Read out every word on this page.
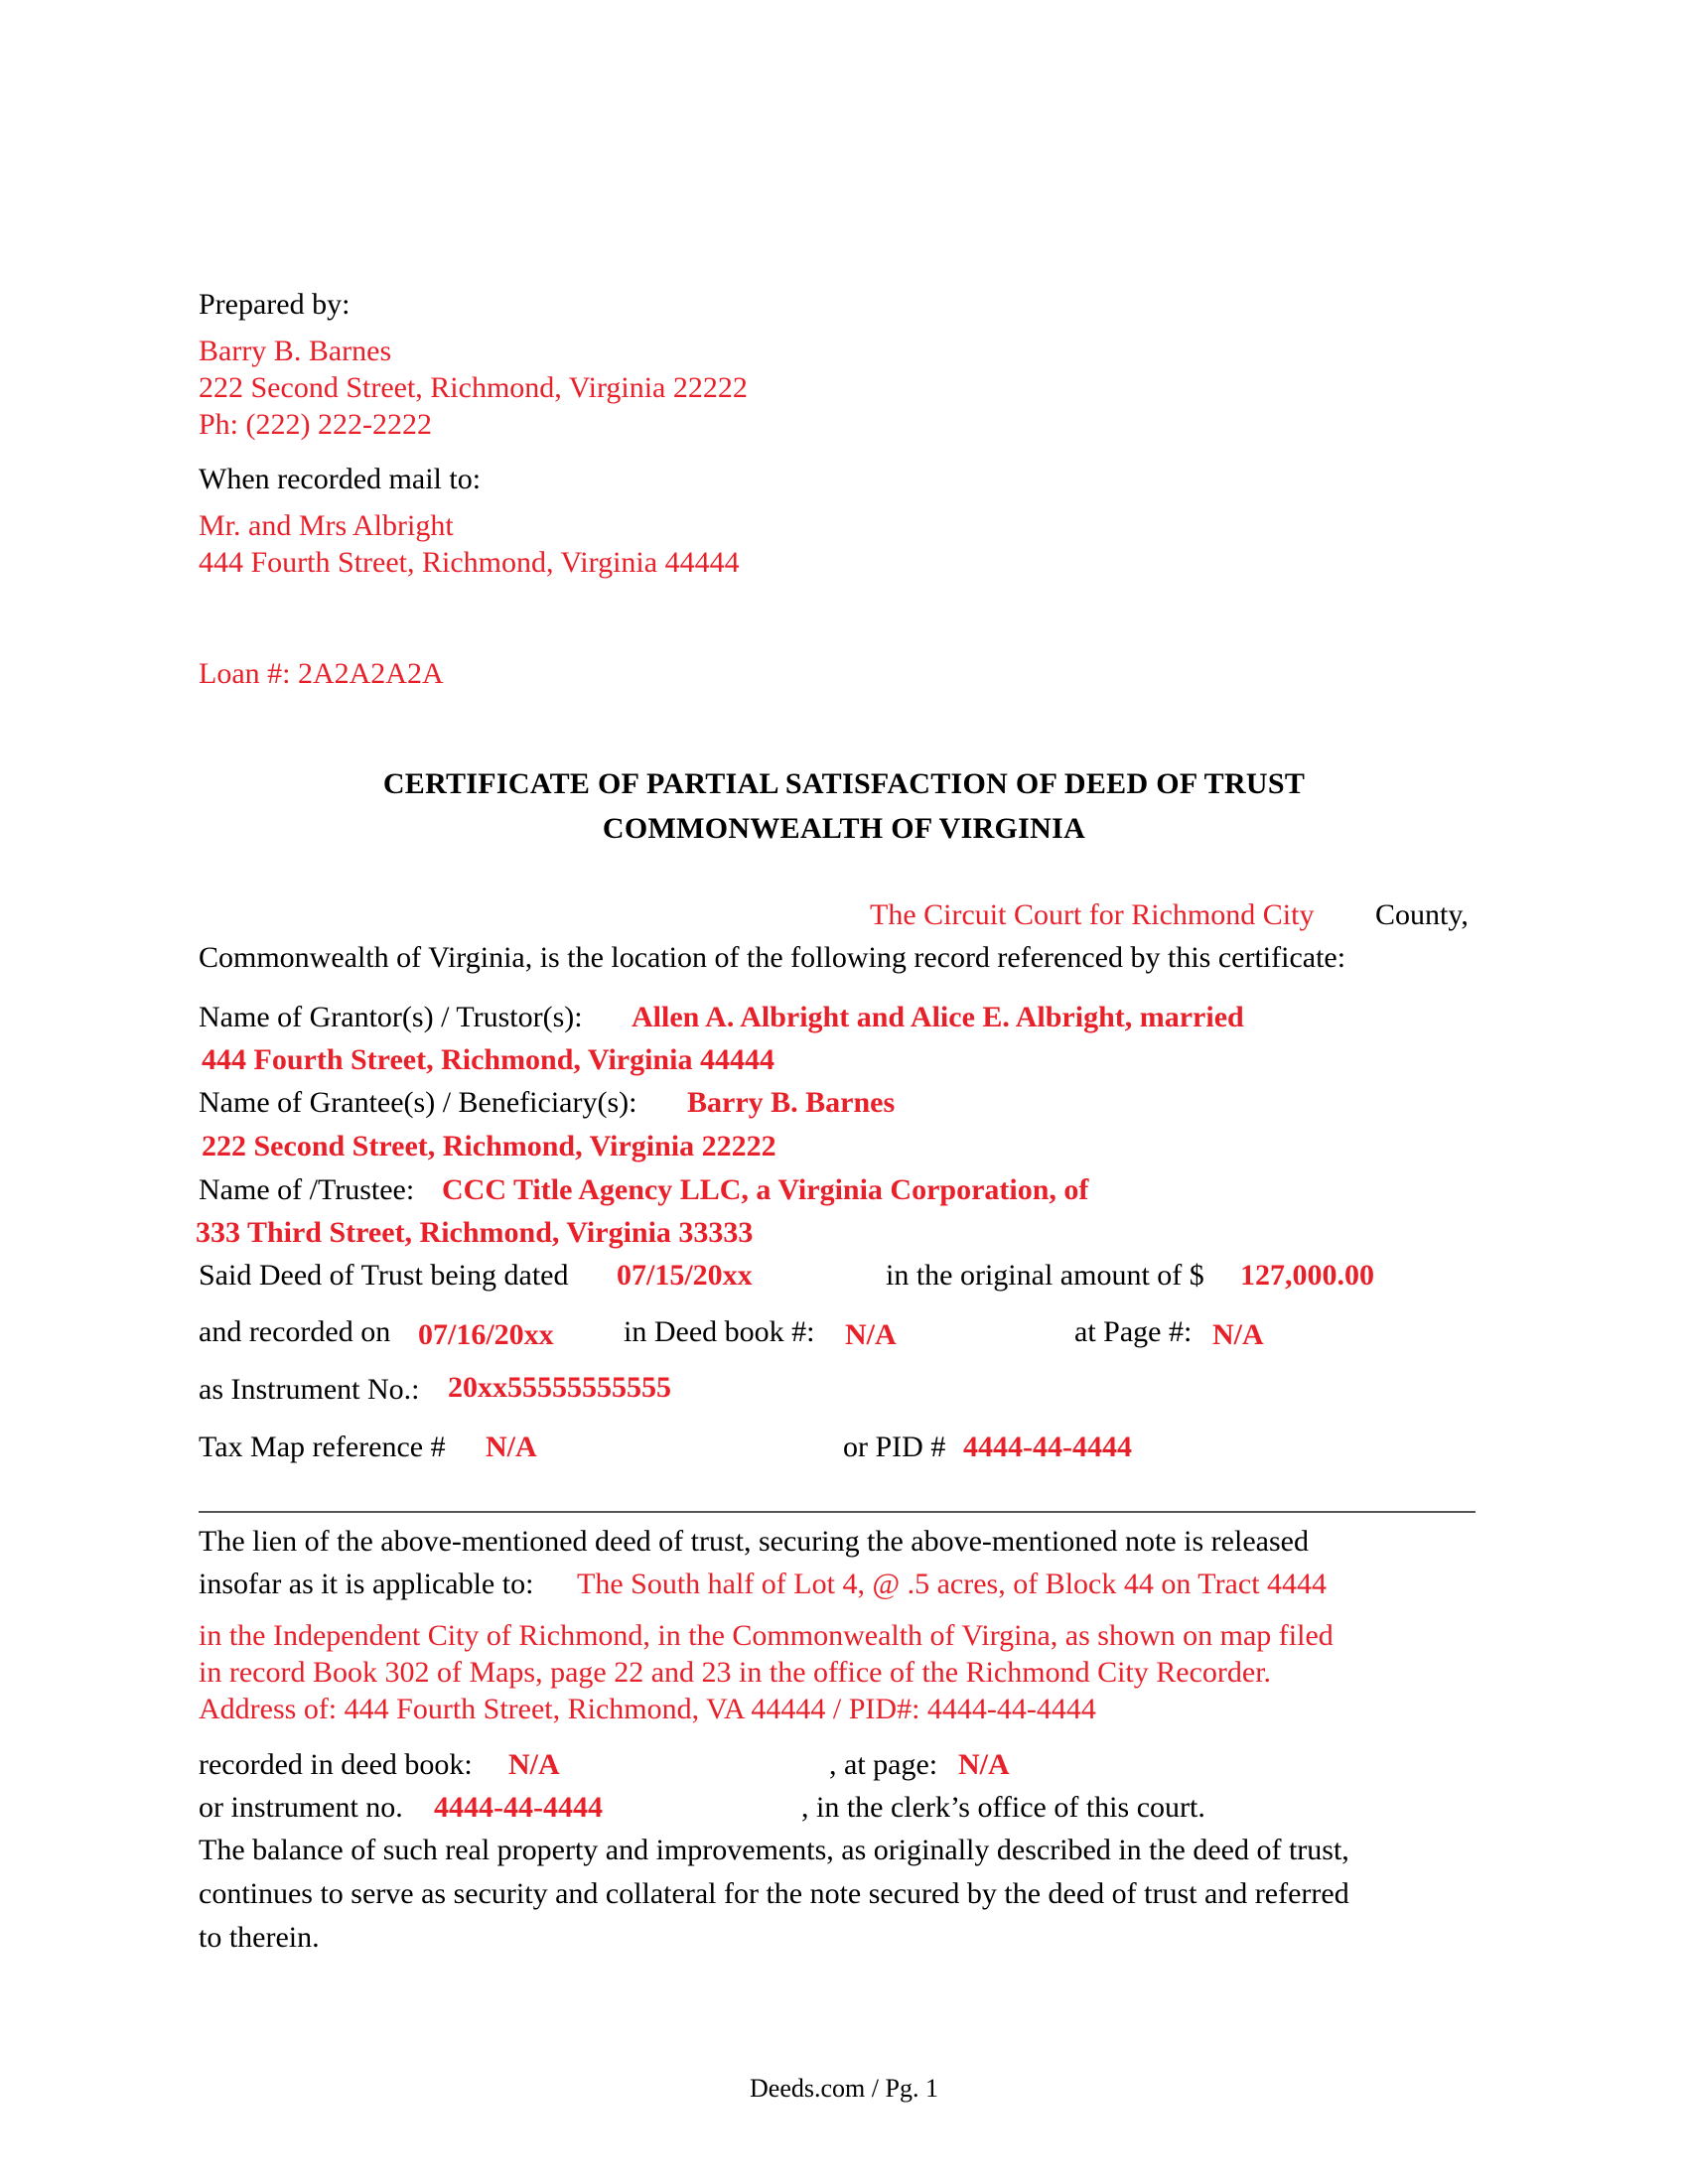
Prepared by:
Barry B. Barnes
222 Second Street, Richmond, Virginia 22222
Ph: (222) 222-2222
When recorded mail to:
Mr. and Mrs Albright
444 Fourth Street, Richmond, Virginia 44444
Loan #: 2A2A2A2A
CERTIFICATE OF PARTIAL SATISFACTION OF DEED OF TRUST
COMMONWEALTH OF VIRGINIA
The Circuit Court for Richmond City County,
Commonwealth of Virginia, is the location of the following record referenced by this certificate:
Name of Grantor(s) / Trustor(s): Allen A. Albright and Alice E. Albright, married
444 Fourth Street, Richmond, Virginia 44444
Name of Grantee(s) / Beneficiary(s): Barry B. Barnes
222 Second Street, Richmond, Virginia 22222
Name of /Trustee: CCC Title Agency LLC, a Virginia Corporation, of
333 Third Street, Richmond, Virginia 33333
Said Deed of Trust being dated 07/15/20xx	in the original amount of $ 127,000.00
and recorded on 07/16/20xx in Deed book #: N/A	at Page #: N/A
as Instrument No.: 20xx55555555555
Tax Map reference # N/A	or PID # 4444-44-4444
The lien of the above-mentioned deed of trust, securing the above-mentioned note is released
insofar as it is applicable to: The South half of Lot 4, @ .5 acres, of Block 44 on Tract 4444
in the Independent City of Richmond, in the Commonwealth of Virgina, as shown on map filed
in record Book 302 of Maps, page 22 and 23 in the office of the Richmond City Recorder.
Address of: 444 Fourth Street, Richmond, VA 44444 / PID#: 4444-44-4444
recorded in deed book: N/A	, at page: N/A
or instrument no. 4444-44-4444	, in the clerk’s office of this court.
The balance of such real property and improvements, as originally described in the deed of trust,
continues to serve as security and collateral for the note secured by the deed of trust and referred
to therein.
Deeds.com / Pg. 1
